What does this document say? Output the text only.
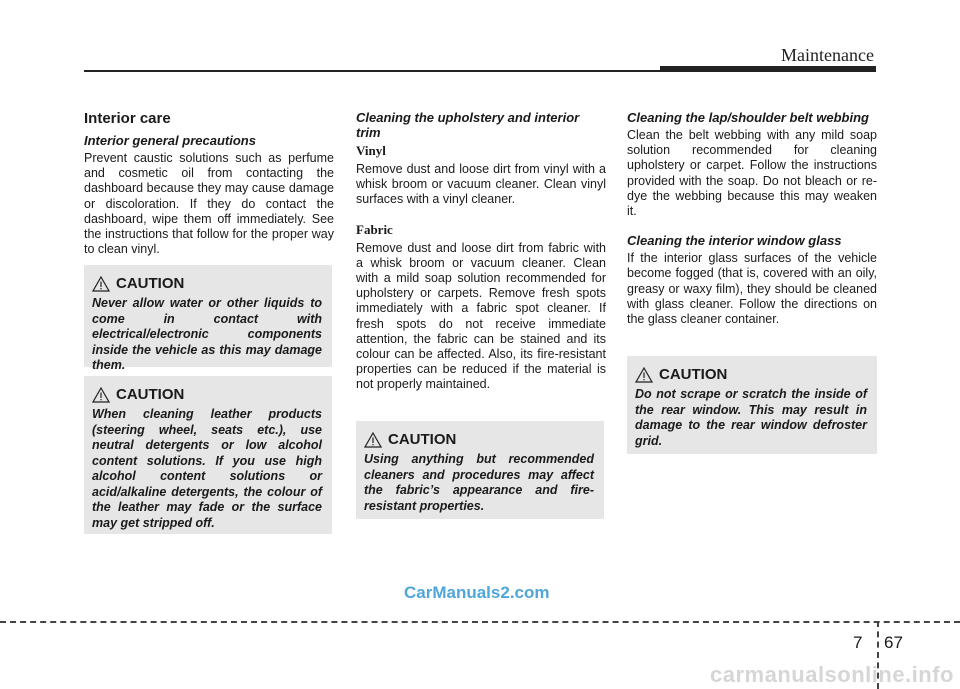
Maintenance
Interior care
Interior general precautions

Prevent caustic solutions such as perfume and cosmetic oil from contacting the dashboard because they may cause damage or discoloration. If they do contact the dashboard, wipe them off immediately. See the instructions that follow for the proper way to clean vinyl.

CAUTION

Never allow water or other liquids to come in contact with electrical/electronic components inside the vehicle as this may damage them.

CAUTION

When cleaning leather products (steering wheel, seats etc.), use neutral detergents or low alcohol content solutions. If you use high alcohol content solutions or acid/alkaline detergents, the colour of the leather may fade or the surface may get stripped off.

Cleaning the upholstery and interior trim
Vinyl

Remove dust and loose dirt from vinyl with a whisk broom or vacuum cleaner. Clean vinyl surfaces with a vinyl cleaner.

Fabric

Remove dust and loose dirt from fabric with a whisk broom or vacuum cleaner. Clean with a mild soap solution recommended for upholstery or carpets. Remove fresh spots immediately with a fabric spot cleaner. If fresh spots do not receive immediate attention, the fabric can be stained and its colour can be affected. Also, its fire-resistant properties can be reduced if the material is not properly maintained.

CAUTION

Using anything but recommended cleaners and procedures may affect the fabric’s appearance and fire-resistant properties.

Cleaning the lap/shoulder belt webbing

Clean the belt webbing with any mild soap solution recommended for cleaning upholstery or carpet. Follow the instructions provided with the soap. Do not bleach or re-dye the webbing because this may weaken it.

Cleaning the interior window glass

If the interior glass surfaces of the vehicle become fogged (that is, covered with an oily, greasy or waxy film), they should be cleaned with glass cleaner. Follow the directions on the glass cleaner container.

CAUTION

Do not scrape or scratch the inside of the rear window. This may result in damage to the rear window defroster grid.

CarManuals2.com
7 67
carmanualsonline.info
